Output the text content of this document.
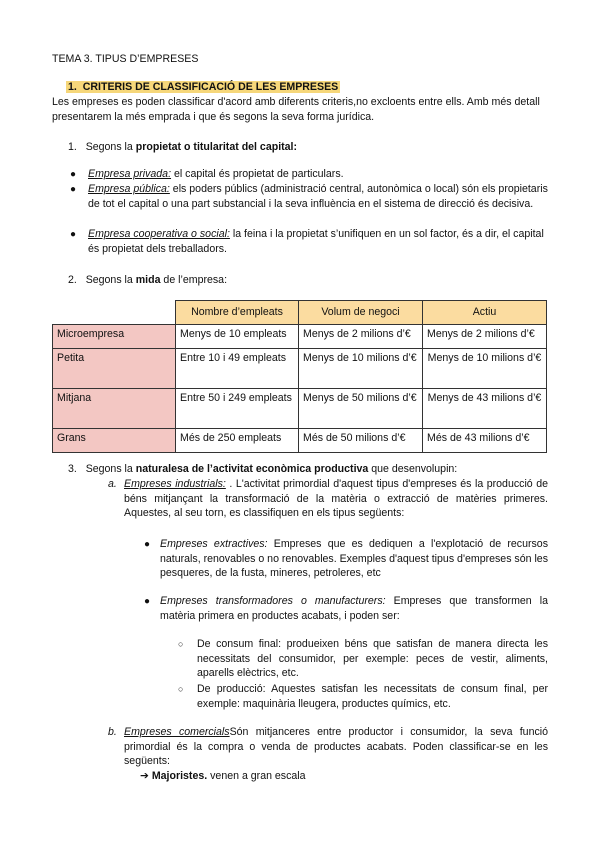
TEMA 3. TIPUS D’EMPRESES
1. CRITERIS DE CLASSIFICACIÓ DE LES EMPRESES
Les empreses es poden classificar d'acord amb diferents criteris,no excloents entre ells. Amb més detall presentarem la més emprada i que és segons la seva forma jurídica.
1. Segons la propietat o titularitat del capital:
● Empresa privada: el capital és propietat de particulars.
● Empresa pública: els poders públics (administració central, autonòmica o local) són els propietaris de tot el capital o una part substancial i la seva influència en el sistema de direcció és decisiva.
● Empresa cooperativa o social: la feina i la propietat s’unifiquen en un sol factor, és a dir, el capital és propietat dels treballadors.
2. Segons la mida de l’empresa:
	Nombre d’empleats	Volum de negoci	Actiu
Microempresa	Menys de 10 empleats	Menys de 2 milions d’€	Menys de 2 milions d’€
Petita	Entre 10 i 49 empleats	Menys de 10 milions d’€	Menys de 10 milions d’€
Mitjana	Entre 50 i 249 empleats	Menys de 50 milions d’€	Menys de 43 milions d’€
Grans	Més de 250 empleats	Més de 50 milions d’€	Més de 43 milions d’€
3. Segons la naturalesa de l’activitat econòmica productiva que desenvolupin:
a. Empreses industrials: . L'activitat primordial d'aquest tipus d'empreses és la producció de béns mitjançant la transformació de la matèria o extracció de matèries primeres. Aquestes, al seu torn, es classifiquen en els tipus següents:
● Empreses extractives: Empreses que es dediquen a l'explotació de recursos naturals, renovables o no renovables. Exemples d'aquest tipus d'empreses són les pesqueres, de la fusta, mineres, petroleres, etc
● Empreses transformadores o manufacturers: Empreses que transformen la matèria primera en productes acabats, i poden ser:
○ De consum final: produeixen béns que satisfan de manera directa les necessitats del consumidor, per exemple: peces de vestir, aliments, aparells elèctrics, etc.
○ De producció: Aquestes satisfan les necessitats de consum final, per exemple: maquinària lleugera, productes químics, etc.
b. Empreses comercialsSón mitjanceres entre productor i consumidor, la seva funció primordial és la compra o venda de productes acabats. Poden classificar-se en les següents:
➔ Majoristes. venen a gran escala
